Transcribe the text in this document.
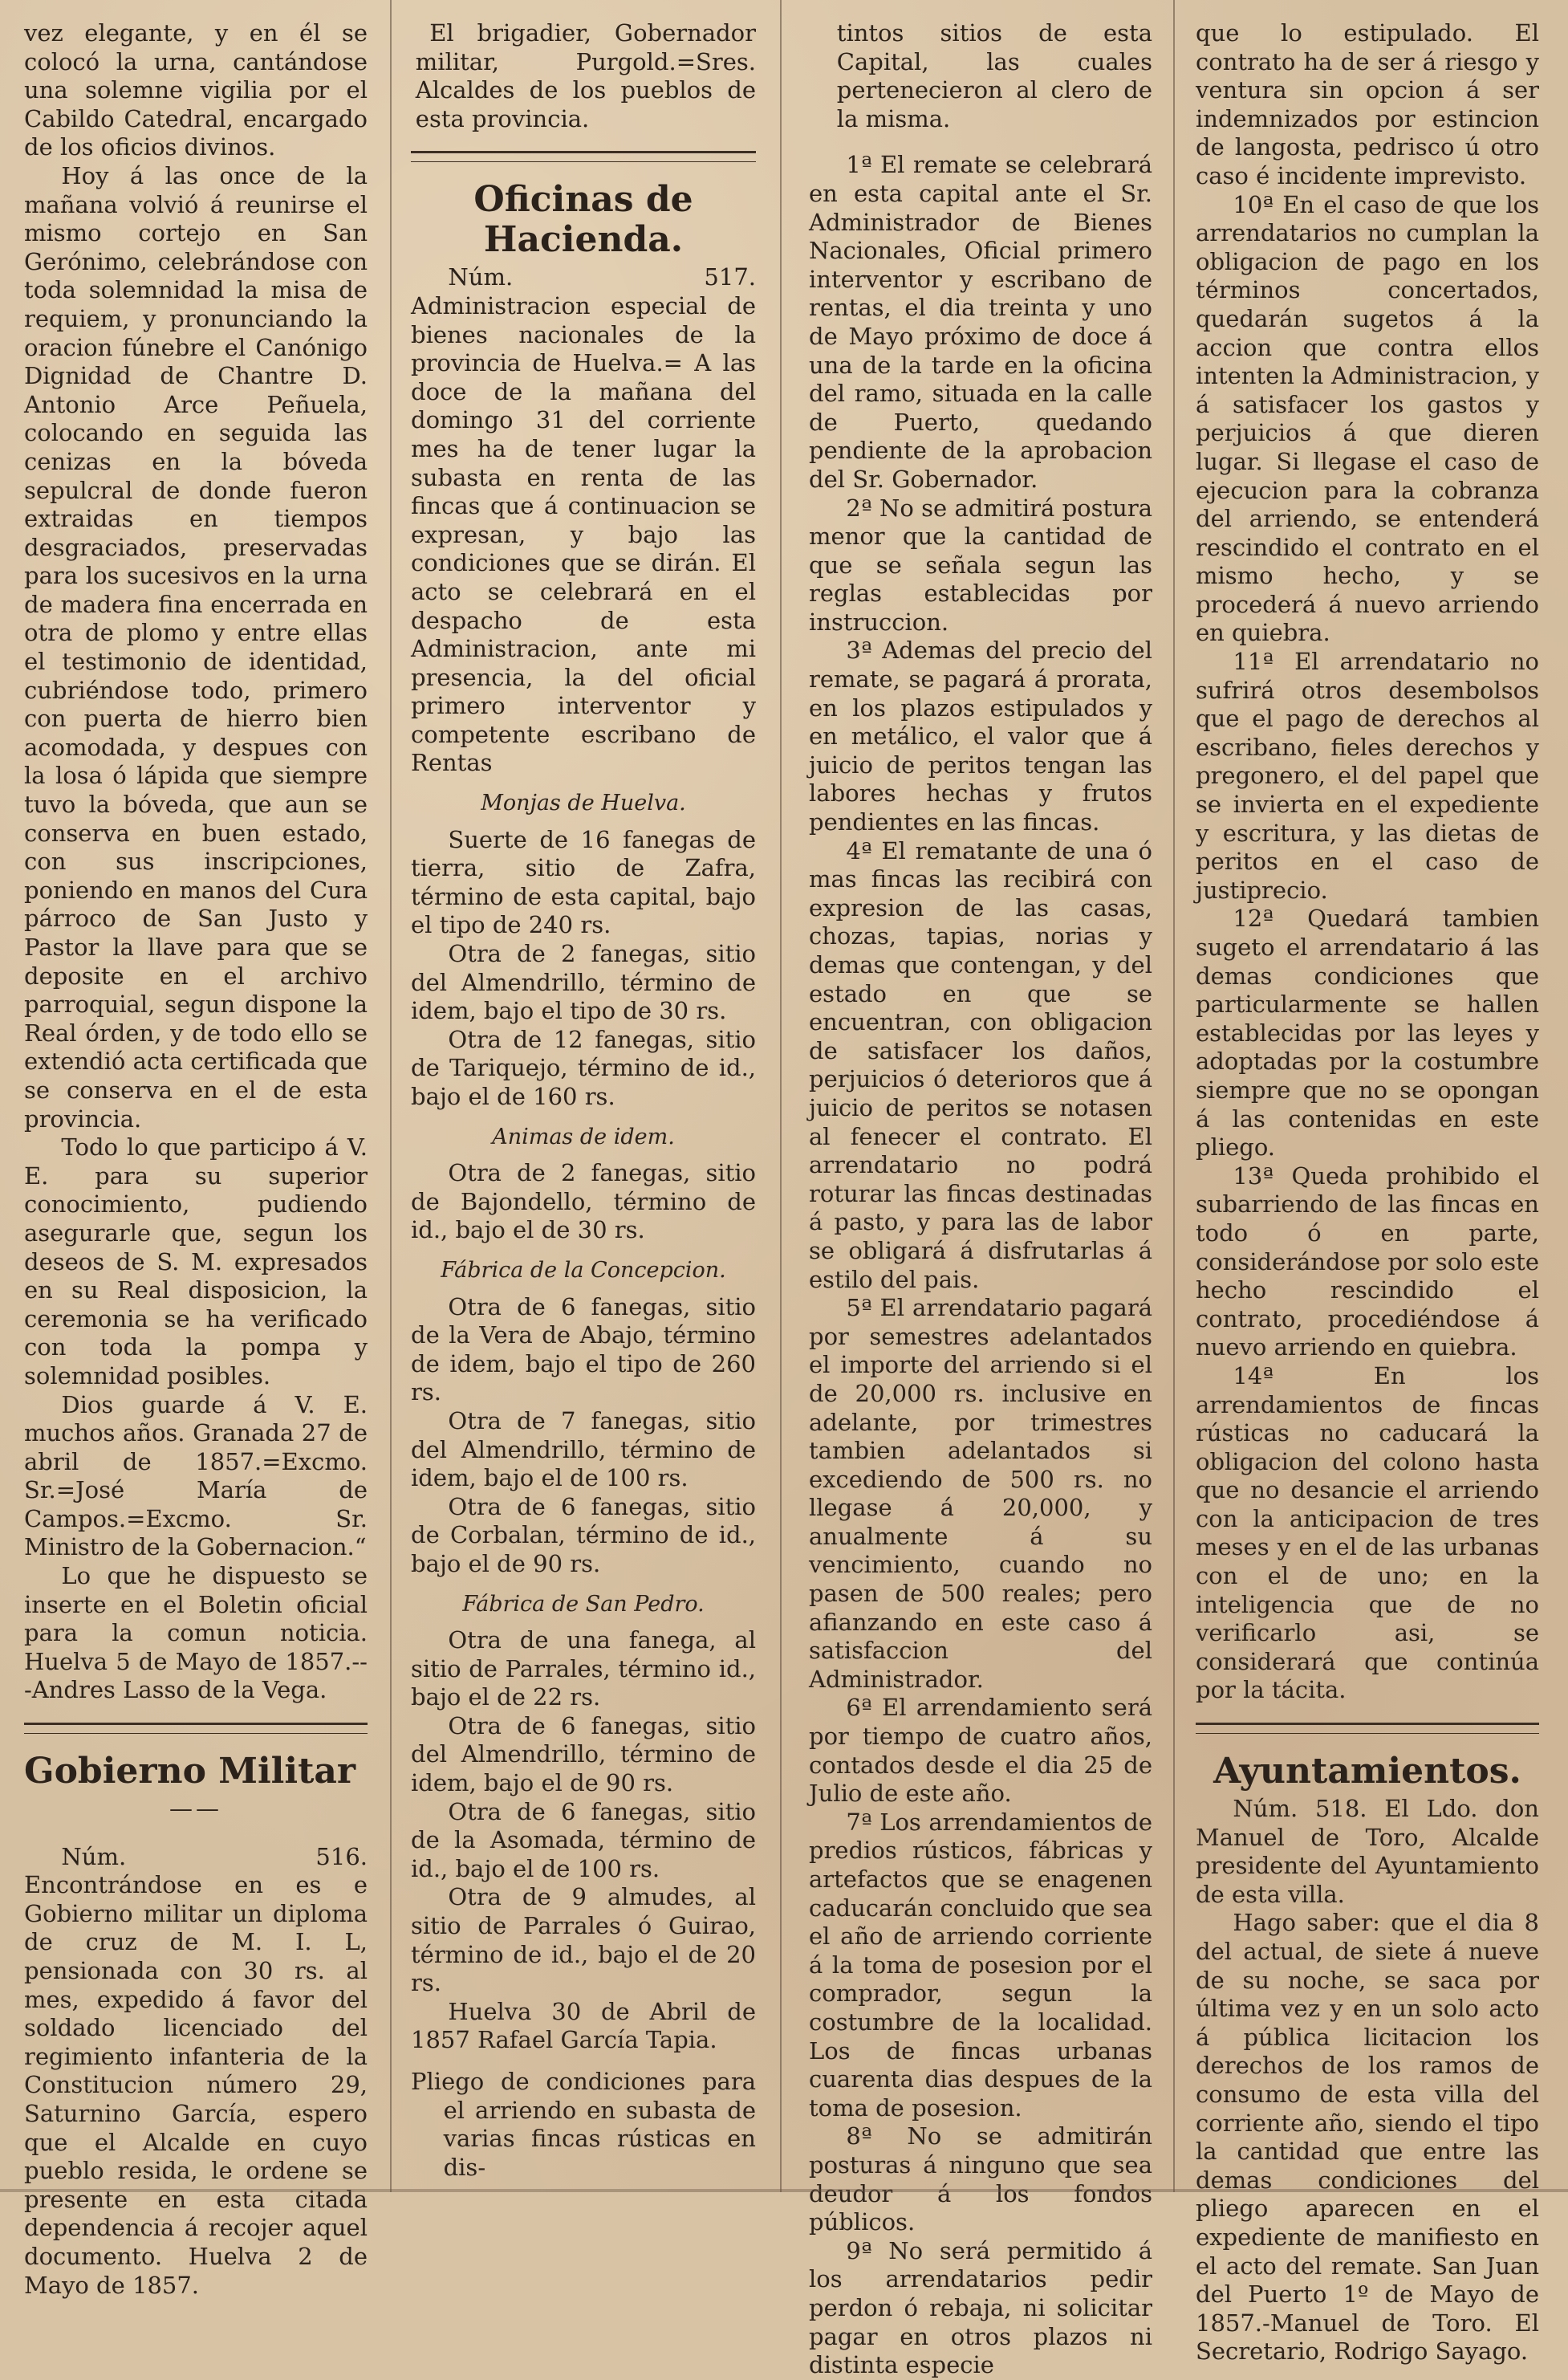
vez elegante, y en él se colocó la urna, cantándose una solemne vigilia por el Cabildo Catedral, encargado de los oficios divinos.

Hoy á las once de la mañana volvió á reunirse el mismo cortejo en San Gerónimo, celebrándose con toda solemnidad la misa de requiem, y pronunciando la oracion fúnebre el Canónigo Dignidad de Chantre D. Antonio Arce Peñuela, colocando en seguida las cenizas en la bóveda sepulcral de donde fueron extraidas en tiempos desgraciados, preservadas para los sucesivos en la urna de madera fina encerrada en otra de plomo y entre ellas el testimonio de identidad, cubriéndose todo, primero con puerta de hierro bien acomodada, y despues con la losa ó lápida que siempre tuvo la bóveda, que aun se conserva en buen estado, con sus inscripciones, poniendo en manos del Cura párroco de San Justo y Pastor la llave para que se deposite en el archivo parroquial, segun dispone la Real órden, y de todo ello se extendió acta certificada que se conserva en el de esta provincia.

Todo lo que participo á V. E. para su superior conocimiento, pudiendo asegurarle que, segun los deseos de S. M. expresados en su Real disposicion, la ceremonia se ha verificado con toda la pompa y solemnidad posibles.

Dios guarde á V. E. muchos años. Granada 27 de abril de 1857.=Excmo. Sr.=José María de Campos.=Excmo. Sr. Ministro de la Gobernacion.“

Lo que he dispuesto se inserte en el Boletin oficial para la comun noticia. Huelva 5 de Mayo de 1857.---Andres Lasso de la Vega.

Gobierno Militar

——

Núm. 516. Encontrándose en es e Gobierno militar un diploma de cruz de M. I. L, pensionada con 30 rs. al mes, expedido á favor del soldado licenciado del regimiento infanteria de la Constitucion número 29, Saturnino García, espero que el Alcalde en cuyo pueblo resida, le ordene se presente en esta citada dependencia á recojer aquel documento. Huelva 2 de Mayo de 1857.

El brigadier, Gobernador militar, Purgold.=Sres. Alcaldes de los pueblos de esta provincia.

Oficinas de Hacienda.

Núm. 517. Administracion especial de bienes nacionales de la provincia de Huelva.= A las doce de la mañana del domingo 31 del corriente mes ha de tener lugar la subasta en renta de las fincas que á continuacion se expresan, y bajo las condiciones que se dirán. El acto se celebrará en el despacho de esta Administracion, ante mi presencia, la del oficial primero interventor y competente escribano de Rentas

Monjas de Huelva.

Suerte de 16 fanegas de tierra, sitio de Zafra, término de esta capital, bajo el tipo de 240 rs.

Otra de 2 fanegas, sitio del Almendrillo, término de idem, bajo el tipo de 30 rs.

Otra de 12 fanegas, sitio de Tariquejo, término de id., bajo el de 160 rs.

Animas de idem.

Otra de 2 fanegas, sitio de Bajondello, término de id., bajo el de 30 rs.

Fábrica de la Concepcion.

Otra de 6 fanegas, sitio de la Vera de Abajo, término de idem, bajo el tipo de 260 rs.

Otra de 7 fanegas, sitio del Almendrillo, término de idem, bajo el de 100 rs.

Otra de 6 fanegas, sitio de Corbalan, término de id., bajo el de 90 rs.

Fábrica de San Pedro.

Otra de una fanega, al sitio de Parrales, término id., bajo el de 22 rs.

Otra de 6 fanegas, sitio del Almendrillo, término de idem, bajo el de 90 rs.

Otra de 6 fanegas, sitio de la Asomada, término de id., bajo el de 100 rs.

Otra de 9 almudes, al sitio de Parrales ó Guirao, término de id., bajo el de 20 rs.

Huelva 30 de Abril de 1857 Rafael García Tapia.

Pliego de condiciones para el arriendo en subasta de varias fincas rústicas en dis-

tintos sitios de esta Capital, las cuales pertenecieron al clero de la misma.

1ª El remate se celebrará en esta capital ante el Sr. Administrador de Bienes Nacionales, Oficial primero interventor y escribano de rentas, el dia treinta y uno de Mayo próximo de doce á una de la tarde en la oficina del ramo, situada en la calle de Puerto, quedando pendiente de la aprobacion del Sr. Gobernador.

2ª No se admitirá postura menor que la cantidad de que se señala segun las reglas establecidas por instruccion.

3ª Ademas del precio del remate, se pagará á prorata, en los plazos estipulados y en metálico, el valor que á juicio de peritos tengan las labores hechas y frutos pendientes en las fincas.

4ª El rematante de una ó mas fincas las recibirá con expresion de las casas, chozas, tapias, norias y demas que contengan, y del estado en que se encuentran, con obligacion de satisfacer los daños, perjuicios ó deterioros que á juicio de peritos se notasen al fenecer el contrato. El arrendatario no podrá roturar las fincas destinadas á pasto, y para las de labor se obligará á disfrutarlas á estilo del pais.

5ª El arrendatario pagará por semestres adelantados el importe del arriendo si el de 20,000 rs. inclusive en adelante, por trimestres tambien adelantados si excediendo de 500 rs. no llegase á 20,000, y anualmente á su vencimiento, cuando no pasen de 500 reales; pero afianzando en este caso á satisfaccion del Administrador.

6ª El arrendamiento será por tiempo de cuatro años, contados desde el dia 25 de Julio de este año.

7ª Los arrendamientos de predios rústicos, fábricas y artefactos que se enagenen caducarán concluido que sea el año de arriendo corriente á la toma de posesion por el comprador, segun la costumbre de la localidad. Los de fincas urbanas cuarenta dias despues de la toma de posesion.

8ª No se admitirán posturas á ninguno que sea deudor á los fondos públicos.

9ª No será permitido á los arrendatarios pedir perdon ó rebaja, ni solicitar pagar en otros plazos ni distinta especie

que lo estipulado. El contrato ha de ser á riesgo y ventura sin opcion á ser indemnizados por estincion de langosta, pedrisco ú otro caso é incidente imprevisto.

10ª En el caso de que los arrendatarios no cumplan la obligacion de pago en los términos concertados, quedarán sugetos á la accion que contra ellos intenten la Administracion, y á satisfacer los gastos y perjuicios á que dieren lugar. Si llegase el caso de ejecucion para la cobranza del arriendo, se entenderá rescindido el contrato en el mismo hecho, y se procederá á nuevo arriendo en quiebra.

11ª El arrendatario no sufrirá otros desembolsos que el pago de derechos al escribano, fieles derechos y pregonero, el del papel que se invierta en el expediente y escritura, y las dietas de peritos en el caso de justiprecio.

12ª Quedará tambien sugeto el arrendatario á las demas condiciones que particularmente se hallen establecidas por las leyes y adoptadas por la costumbre siempre que no se opongan á las contenidas en este pliego.

13ª Queda prohibido el subarriendo de las fincas en todo ó en parte, considerándose por solo este hecho rescindido el contrato, procediéndose á nuevo arriendo en quiebra.

14ª En los arrendamientos de fincas rústicas no caducará la obligacion del colono hasta que no desancie el arriendo con la anticipacion de tres meses y en el de las urbanas con el de uno; en la inteligencia que de no verificarlo asi, se considerará que continúa por la tácita.

Ayuntamientos.

Núm. 518. El Ldo. don Manuel de Toro, Alcalde presidente del Ayuntamiento de esta villa.

Hago saber: que el dia 8 del actual, de siete á nueve de su noche, se saca por última vez y en un solo acto á pública licitacion los derechos de los ramos de consumo de esta villa del corriente año, siendo el tipo la cantidad que entre las demas condiciones del pliego aparecen en el expediente de manifiesto en el acto del remate. San Juan del Puerto 1º de Mayo de 1857.-Manuel de Toro. El Secretario, Rodrigo Sayago.
